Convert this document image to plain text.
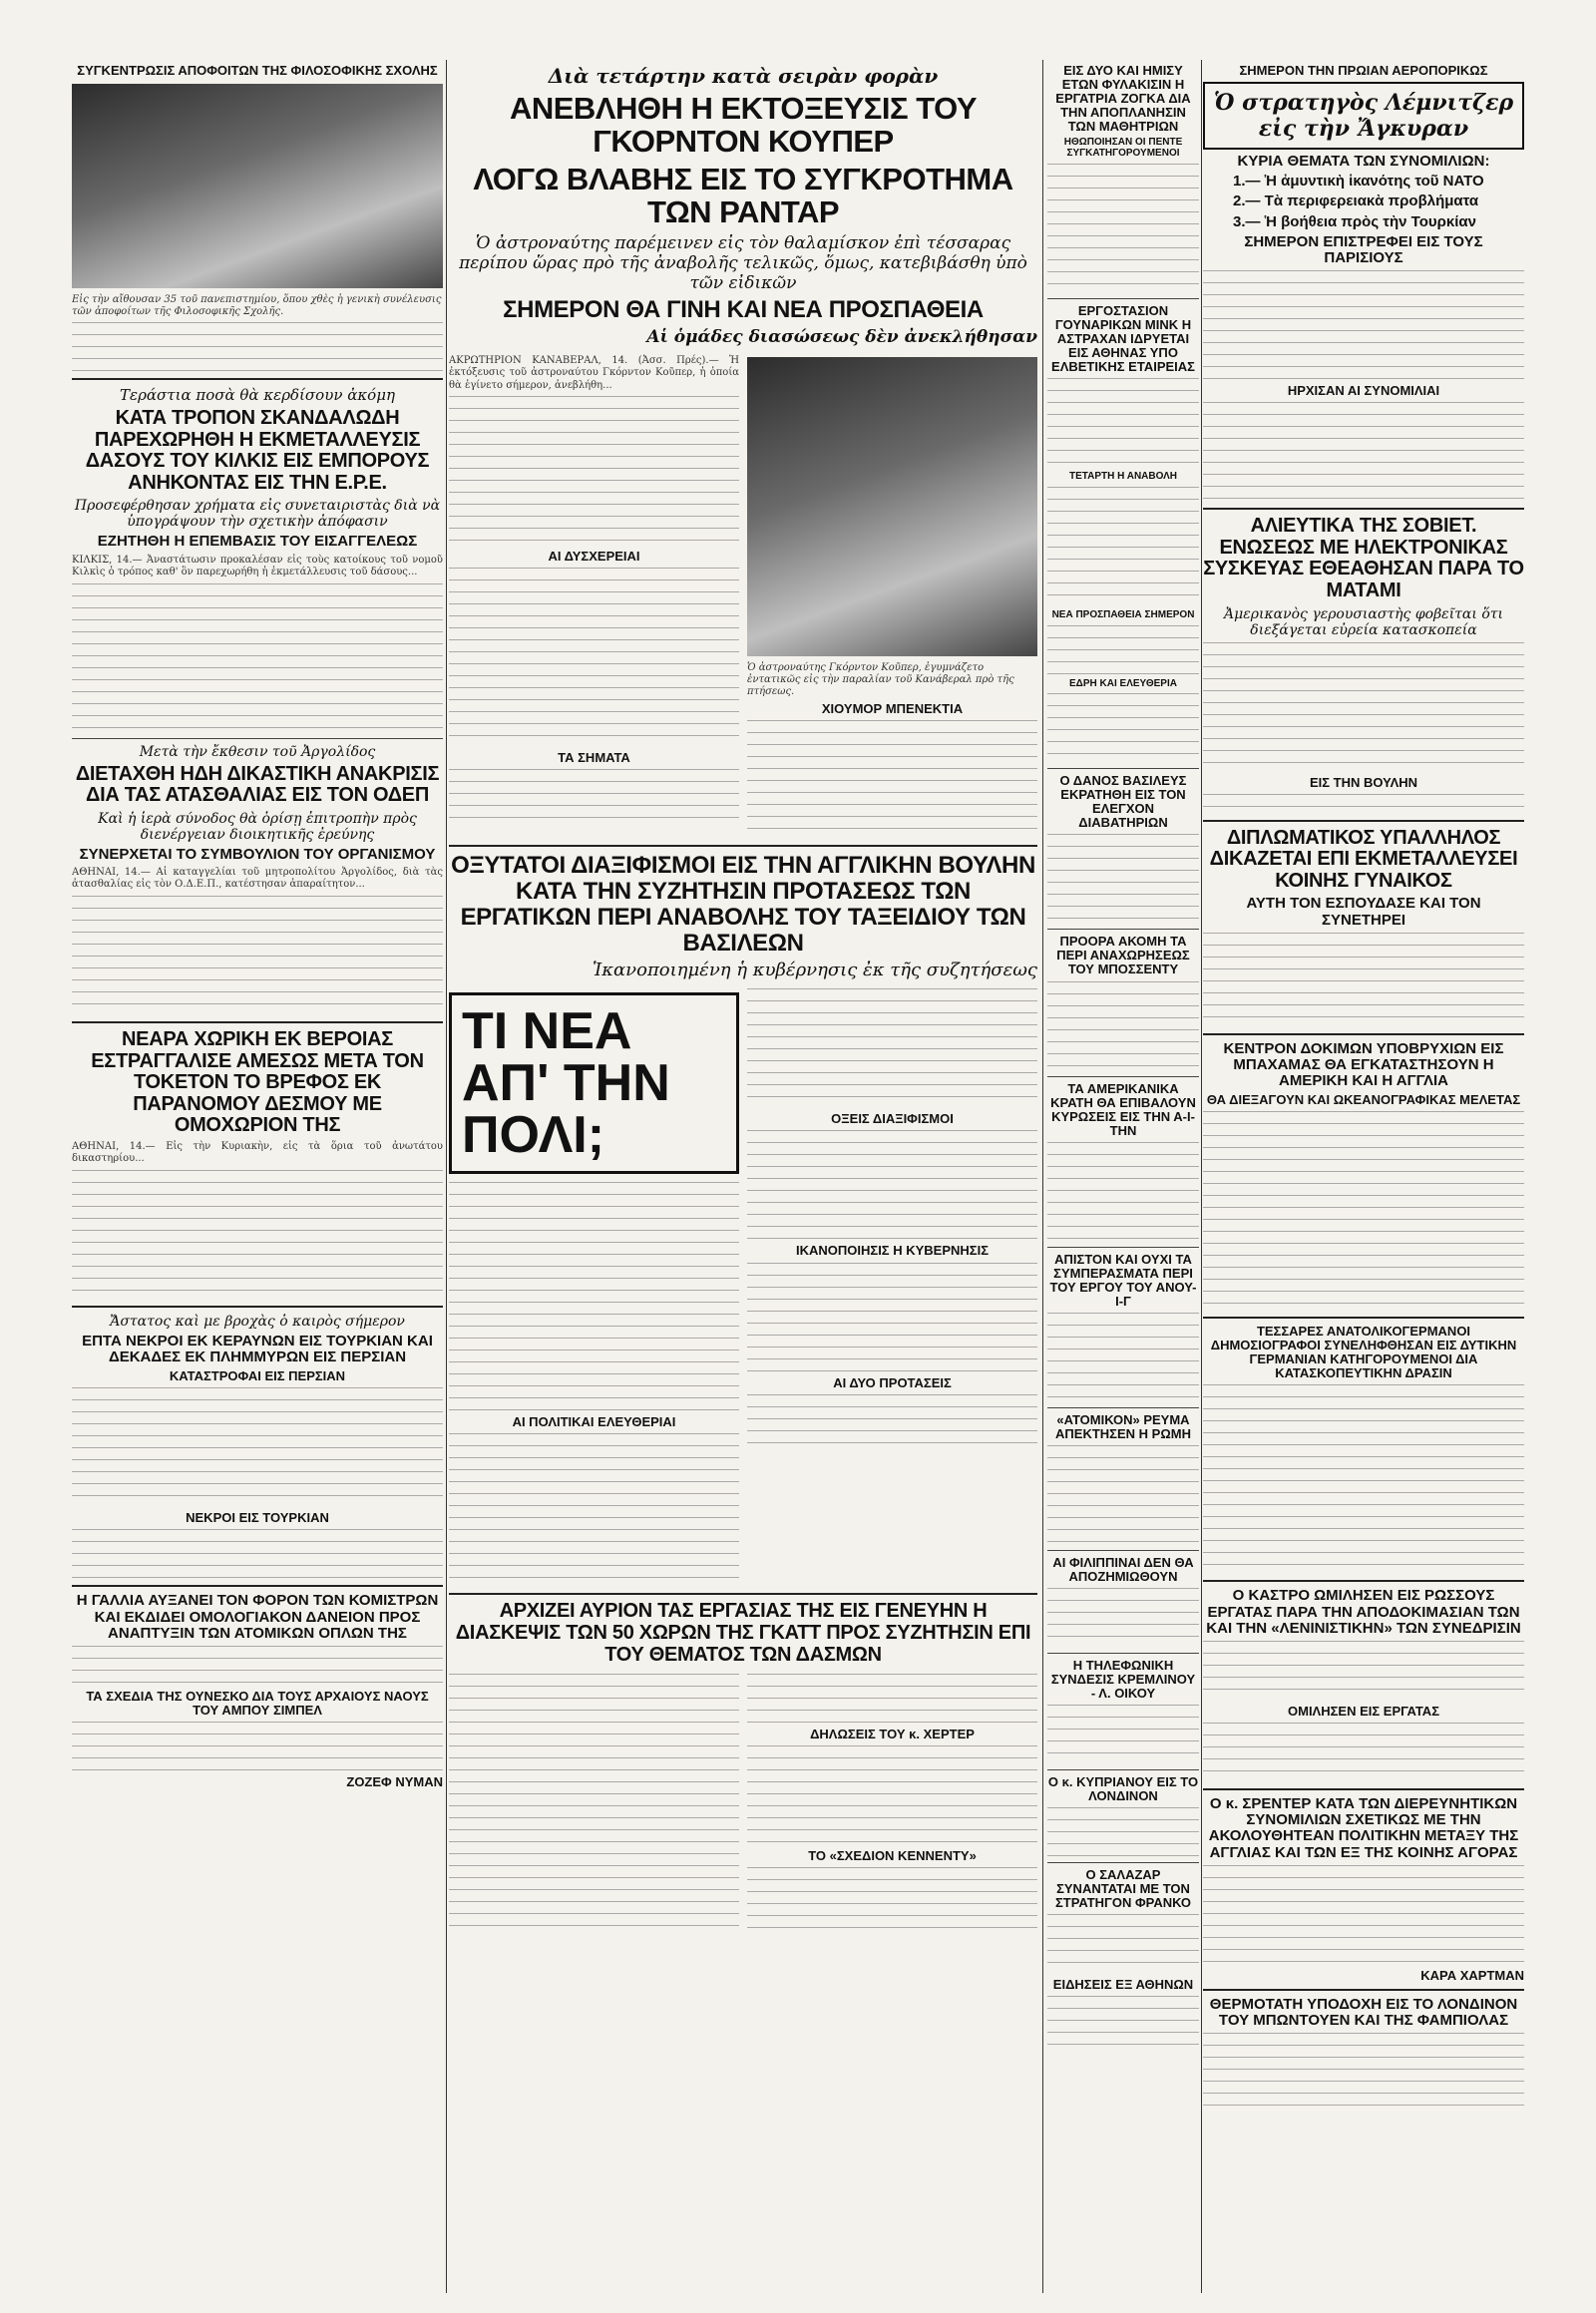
ΣΥΓΚΕΝΤΡΩΣΙΣ ΑΠΟΦΟΙΤΩΝ ΤΗΣ ΦΙΛΟΣΟΦΙΚΗΣ ΣΧΟΛΗΣ
Εἰς τὴν αἴθουσαν 35 τοῦ πανεπιστημίου, ὅπου χθὲς ἡ γενικὴ συνέλευσις τῶν ἀποφοίτων τῆς Φιλοσοφικῆς Σχολῆς.
Τεράστια ποσὰ θὰ κερδίσουν ἀκόμη
ΚΑΤΑ ΤΡΟΠΟΝ ΣΚΑΝΔΑΛΩΔΗ ΠΑΡΕΧΩΡΗΘΗ Η ΕΚΜΕΤΑΛΛΕΥΣΙΣ ΔΑΣΟΥΣ ΤΟΥ ΚΙΛΚΙΣ ΕΙΣ ΕΜΠΟΡΟΥΣ ΑΝΗΚΟΝΤΑΣ ΕΙΣ ΤΗΝ Ε.Ρ.Ε.
Προσεφέρθησαν χρήματα εἰς συνεταιριστὰς διὰ νὰ ὑπογράψουν τὴν σχετικὴν ἀπόφασιν
ΕΖΗΤΗΘΗ Η ΕΠΕΜΒΑΣΙΣ ΤΟΥ ΕΙΣΑΓΓΕΛΕΩΣ
ΚΙΛΚΙΣ, 14.— Ἀναστάτωσιν προκαλέσαν εἰς τοὺς κατοίκους τοῦ νομοῦ Κιλκὶς ὁ τρόπος καθ' ὃν παρεχωρήθη ἡ ἐκμετάλλευσις τοῦ δάσους...
Μετὰ τὴν ἔκθεσιν τοῦ Ἀργολίδος
ΔΙΕΤΑΧΘΗ ΗΔΗ ΔΙΚΑΣΤΙΚΗ ΑΝΑΚΡΙΣΙΣ ΔΙΑ ΤΑΣ ΑΤΑΣΘΑΛΙΑΣ ΕΙΣ ΤΟΝ ΟΔΕΠ
Καὶ ἡ ἱερὰ σύνοδος θὰ ὁρίσῃ ἐπιτροπὴν πρὸς διενέργειαν διοικητικῆς ἐρεύνης
ΣΥΝΕΡΧΕΤΑΙ ΤΟ ΣΥΜΒΟΥΛΙΟΝ ΤΟΥ ΟΡΓΑΝΙΣΜΟΥ
ΑΘΗΝΑΙ, 14.— Αἱ καταγγελίαι τοῦ μητροπολίτου Ἀργολίδος, διὰ τὰς ἀτασθαλίας εἰς τὸν Ο.Δ.Ε.Π., κατέστησαν ἀπαραίτητον...
ΝΕΑΡΑ ΧΩΡΙΚΗ ΕΚ ΒΕΡΟΙΑΣ ΕΣΤΡΑΓΓΑΛΙΣΕ ΑΜΕΣΩΣ ΜΕΤΑ ΤΟΝ ΤΟΚΕΤΟΝ ΤΟ ΒΡΕΦΟΣ ΕΚ ΠΑΡΑΝΟΜΟΥ ΔΕΣΜΟΥ ΜΕ ΟΜΟΧΩΡΙΟΝ ΤΗΣ
ΑΘΗΝΑΙ, 14.— Εἰς τὴν Κυριακὴν, εἰς τὰ ὅρια τοῦ ἀνωτάτου δικαστηρίου...
Ἄστατος καὶ με βροχὰς ὁ καιρὸς σήμερον
ΕΠΤΑ ΝΕΚΡΟΙ ΕΚ ΚΕΡΑΥΝΩΝ ΕΙΣ ΤΟΥΡΚΙΑΝ ΚΑΙ ΔΕΚΑΔΕΣ ΕΚ ΠΛΗΜΜΥΡΩΝ ΕΙΣ ΠΕΡΣΙΑΝ
ΚΑΤΑΣΤΡΟΦΑΙ ΕΙΣ ΠΕΡΣΙΑΝ
ΝΕΚΡΟΙ ΕΙΣ ΤΟΥΡΚΙΑΝ
Η ΓΑΛΛΙΑ ΑΥΞΑΝΕΙ ΤΟΝ ΦΟΡΟΝ ΤΩΝ ΚΟΜΙΣΤΡΩΝ ΚΑΙ ΕΚΔΙΔΕΙ ΟΜΟΛΟΓΙΑΚΟΝ ΔΑΝΕΙΟΝ ΠΡΟΣ ΑΝΑΠΤΥΞΙΝ ΤΩΝ ΑΤΟΜΙΚΩΝ ΟΠΛΩΝ ΤΗΣ
ΤΑ ΣΧΕΔΙΑ ΤΗΣ ΟΥΝΕΣΚΟ ΔΙΑ ΤΟΥΣ ΑΡΧΑΙΟΥΣ ΝΑΟΥΣ ΤΟΥ ΑΜΠΟΥ ΣΙΜΠΕΛ
ΖΟΖΕΦ ΝΥΜΑΝ
Διὰ τετάρτην κατὰ σειρὰν φορὰν
ΑΝΕΒΛΗΘΗ Η ΕΚΤΟΞΕΥΣΙΣ ΤΟΥ ΓΚΟΡΝΤΟΝ ΚΟΥΠΕΡ
ΛΟΓΩ ΒΛΑΒΗΣ ΕΙΣ ΤΟ ΣΥΓΚΡΟΤΗΜΑ ΤΩΝ ΡΑΝΤΑΡ
Ὁ ἀστροναύτης παρέμεινεν εἰς τὸν θαλαμίσκον ἐπὶ τέσσαρας περίπου ὥρας πρὸ τῆς ἀναβολῆς τελικῶς, ὅμως, κατεβιβάσθη ὑπὸ τῶν εἰδικῶν
ΣΗΜΕΡΟΝ ΘΑ ΓΙΝΗ ΚΑΙ ΝΕΑ ΠΡΟΣΠΑΘΕΙΑ
Αἱ ὁμάδες διασώσεως δὲν ἀνεκλήθησαν
ΑΚΡΩΤΗΡΙΟΝ ΚΑΝΑΒΕΡΑΛ, 14. (Ἀσσ. Πρές).— Ἡ ἐκτόξευσις τοῦ ἀστροναύτου Γκόρντον Κοῦπερ, ἡ ὁποία θὰ ἐγίνετο σήμερον, ἀνεβλήθη...
ΑΙ ΔΥΣΧΕΡΕΙΑΙ
ΤΑ ΣΗΜΑΤΑ
Ὁ ἀστροναύτης Γκόρντον Κοῦπερ, ἐγυμνάζετο ἐντατικῶς εἰς τὴν παραλίαν τοῦ Κανάβεραλ πρὸ τῆς πτήσεως.
ΧΙΟΥΜΟΡ ΜΠΕΝΕΚΤΙΑ
ΟΞΥΤΑΤΟΙ ΔΙΑΞΙΦΙΣΜΟΙ ΕΙΣ ΤΗΝ ΑΓΓΛΙΚΗΝ ΒΟΥΛΗΝ ΚΑΤΑ ΤΗΝ ΣΥΖΗΤΗΣΙΝ ΠΡΟΤΑΣΕΩΣ ΤΩΝ ΕΡΓΑΤΙΚΩΝ ΠΕΡΙ ΑΝΑΒΟΛΗΣ ΤΟΥ ΤΑΞΕΙΔΙΟΥ ΤΩΝ ΒΑΣΙΛΕΩΝ
Ἱκανοποιημένη ἡ κυβέρνησις ἐκ τῆς συζητήσεως
ΤΙ ΝΕΑ ΑΠ' ΤΗΝ ΠΟΛΙ;
ΑΙ ΠΟΛΙΤΙΚΑΙ ΕΛΕΥΘΕΡΙΑΙ
ΟΞΕΙΣ ΔΙΑΞΙΦΙΣΜΟΙ
ΙΚΑΝΟΠΟΙΗΣΙΣ Η ΚΥΒΕΡΝΗΣΙΣ
ΑΙ ΔΥΟ ΠΡΟΤΑΣΕΙΣ
ΑΡΧΙΖΕΙ ΑΥΡΙΟΝ ΤΑΣ ΕΡΓΑΣΙΑΣ ΤΗΣ ΕΙΣ ΓΕΝΕΥΗΝ Η ΔΙΑΣΚΕΨΙΣ ΤΩΝ 50 ΧΩΡΩΝ ΤΗΣ ΓΚΑΤΤ ΠΡΟΣ ΣΥΖΗΤΗΣΙΝ ΕΠΙ ΤΟΥ ΘΕΜΑΤΟΣ ΤΩΝ ΔΑΣΜΩΝ
ΔΗΛΩΣΕΙΣ ΤΟΥ κ. ΧΕΡΤΕΡ
ΤΟ «ΣΧΕΔΙΟΝ ΚΕΝΝΕΝΤΥ»
ΕΙΣ ΔΥΟ ΚΑΙ ΗΜΙΣΥ ΕΤΩΝ ΦΥΛΑΚΙΣΙΝ Η ΕΡΓΑΤΡΙΑ ΖΟΓΚΑ ΔΙΑ ΤΗΝ ΑΠΟΠΛΑΝΗΣΙΝ ΤΩΝ ΜΑΘΗΤΡΙΩΝ
ΗΘΩΠΟΙΗΣΑΝ ΟΙ ΠΕΝΤΕ ΣΥΓΚΑΤΗΓΟΡΟΥΜΕΝΟΙ
ΕΡΓΟΣΤΑΣΙΟΝ ΓΟΥΝΑΡΙΚΩΝ ΜΙΝΚ Η ΑΣΤΡΑΧΑΝ ΙΔΡΥΕΤΑΙ ΕΙΣ ΑΘΗΝΑΣ ΥΠΟ ΕΛΒΕΤΙΚΗΣ ΕΤΑΙΡΕΙΑΣ
ΤΕΤΑΡΤΗ Η ΑΝΑΒΟΛΗ
ΝΕΑ ΠΡΟΣΠΑΘΕΙΑ ΣΗΜΕΡΟΝ
ΕΔΡΗ ΚΑΙ ΕΛΕΥΘΕΡΙΑ
Ο ΔΑΝΟΣ ΒΑΣΙΛΕΥΣ ΕΚΡΑΤΗΘΗ ΕΙΣ ΤΟΝ ΕΛΕΓΧΟΝ ΔΙΑΒΑΤΗΡΙΩΝ
ΠΡΟΟΡΑ ΑΚΟΜΗ ΤΑ ΠΕΡΙ ΑΝΑΧΩΡΗΣΕΩΣ ΤΟΥ ΜΠΟΣΣΕΝΤΥ
ΤΑ ΑΜΕΡΙΚΑΝΙΚΑ ΚΡΑΤΗ ΘΑ ΕΠΙΒΑΛΟΥΝ ΚΥΡΩΣΕΙΣ ΕΙΣ ΤΗΝ Α-Ι-ΤΗΝ
ΑΠΙΣΤΟΝ ΚΑΙ ΟΥΧΙ ΤΑ ΣΥΜΠΕΡΑΣΜΑΤΑ ΠΕΡΙ ΤΟΥ ΕΡΓΟΥ ΤΟΥ ΑΝΟΥ-Ι-Γ
«ΑΤΟΜΙΚΟΝ» ΡΕΥΜΑ ΑΠΕΚΤΗΣΕΝ Η ΡΩΜΗ
ΑΙ ΦΙΛΙΠΠΙΝΑΙ ΔΕΝ ΘΑ ΑΠΟΖΗΜΙΩΘΟΥΝ
Η ΤΗΛΕΦΩΝΙΚΗ ΣΥΝΔΕΣΙΣ ΚΡΕΜΛΙΝΟΥ - Λ. ΟΙΚΟΥ
Ο κ. ΚΥΠΡΙΑΝΟΥ ΕΙΣ ΤΟ ΛΟΝΔΙΝΟΝ
Ο ΣΑΛΑΖΑΡ ΣΥΝΑΝΤΑΤΑΙ ΜΕ ΤΟΝ ΣΤΡΑΤΗΓΟΝ ΦΡΑΝΚΟ
ΕΙΔΗΣΕΙΣ ΕΞ ΑΘΗΝΩΝ
ΣΗΜΕΡΟΝ ΤΗΝ ΠΡΩΙΑΝ ΑΕΡΟΠΟΡΙΚΩΣ
Ὁ στρατηγὸς Λέμνιτζερ εἰς τὴν Ἄγκυραν
ΚΥΡΙΑ ΘΕΜΑΤΑ ΤΩΝ ΣΥΝΟΜΙΛΙΩΝ:
1.— Ἡ ἀμυντικὴ ἱκανότης τοῦ ΝΑΤΟ
2.— Τὰ περιφερειακὰ προβλήματα
3.— Ἡ βοήθεια πρὸς τὴν Τουρκίαν
ΣΗΜΕΡΟΝ ΕΠΙΣΤΡΕΦΕΙ ΕΙΣ ΤΟΥΣ ΠΑΡΙΣΙΟΥΣ
ΗΡΧΙΣΑΝ ΑΙ ΣΥΝΟΜΙΛΙΑΙ
ΑΛΙΕΥΤΙΚΑ ΤΗΣ ΣΟΒΙΕΤ. ΕΝΩΣΕΩΣ ΜΕ ΗΛΕΚΤΡΟΝΙΚΑΣ ΣΥΣΚΕΥΑΣ ΕΘΕΑΘΗΣΑΝ ΠΑΡΑ ΤΟ ΜΑΤΑΜΙ
Ἀμερικανὸς γερουσιαστὴς φοβεῖται ὅτι διεξάγεται εὐρεία κατασκοπεία
ΕΙΣ ΤΗΝ ΒΟΥΛΗΝ
ΔΙΠΛΩΜΑΤΙΚΟΣ ΥΠΑΛΛΗΛΟΣ ΔΙΚΑΖΕΤΑΙ ΕΠΙ ΕΚΜΕΤΑΛΛΕΥΣΕΙ ΚΟΙΝΗΣ ΓΥΝΑΙΚΟΣ
ΑΥΤΗ ΤΟΝ ΕΣΠΟΥΔΑΣΕ ΚΑΙ ΤΟΝ ΣΥΝΕΤΗΡΕΙ
ΚΕΝΤΡΟΝ ΔΟΚΙΜΩΝ ΥΠΟΒΡΥΧΙΩΝ ΕΙΣ ΜΠΑΧΑΜΑΣ ΘΑ ΕΓΚΑΤΑΣΤΗΣΟΥΝ Η ΑΜΕΡΙΚΗ ΚΑΙ Η ΑΓΓΛΙΑ
ΘΑ ΔΙΕΞΑΓΟΥΝ ΚΑΙ ΩΚΕΑΝΟΓΡΑΦΙΚΑΣ ΜΕΛΕΤΑΣ
ΤΕΣΣΑΡΕΣ ΑΝΑΤΟΛΙΚΟΓΕΡΜΑΝΟΙ ΔΗΜΟΣΙΟΓΡΑΦΟΙ ΣΥΝΕΛΗΦΘΗΣΑΝ ΕΙΣ ΔΥΤΙΚΗΝ ΓΕΡΜΑΝΙΑΝ ΚΑΤΗΓΟΡΟΥΜΕΝΟΙ ΔΙΑ ΚΑΤΑΣΚΟΠΕΥΤΙΚΗΝ ΔΡΑΣΙΝ
Ο ΚΑΣΤΡΟ ΩΜΙΛΗΣΕΝ ΕΙΣ ΡΩΣΣΟΥΣ ΕΡΓΑΤΑΣ ΠΑΡΑ ΤΗΝ ΑΠΟΔΟΚΙΜΑΣΙΑΝ ΤΩΝ ΚΑΙ ΤΗΝ «ΛΕΝΙΝΙΣΤΙΚΗΝ» ΤΩΝ ΣΥΝΕΔΡΙΣΙΝ
ΟΜΙΛΗΣΕΝ ΕΙΣ ΕΡΓΑΤΑΣ
Ο κ. ΣΡΕΝΤΕΡ ΚΑΤΑ ΤΩΝ ΔΙΕΡΕΥΝΗΤΙΚΩΝ ΣΥΝΟΜΙΛΙΩΝ ΣΧΕΤΙΚΩΣ ΜΕ ΤΗΝ ΑΚΟΛΟΥΘΗΤΕΑΝ ΠΟΛΙΤΙΚΗΝ ΜΕΤΑΞΥ ΤΗΣ ΑΓΓΛΙΑΣ ΚΑΙ ΤΩΝ ΕΞ ΤΗΣ ΚΟΙΝΗΣ ΑΓΟΡΑΣ
ΚΑΡΑ ΧΑΡΤΜΑΝ
ΘΕΡΜΟΤΑΤΗ ΥΠΟΔΟΧΗ ΕΙΣ ΤΟ ΛΟΝΔΙΝΟΝ ΤΟΥ ΜΠΩΝΤΟΥΕΝ ΚΑΙ ΤΗΣ ΦΑΜΠΙΟΛΑΣ
